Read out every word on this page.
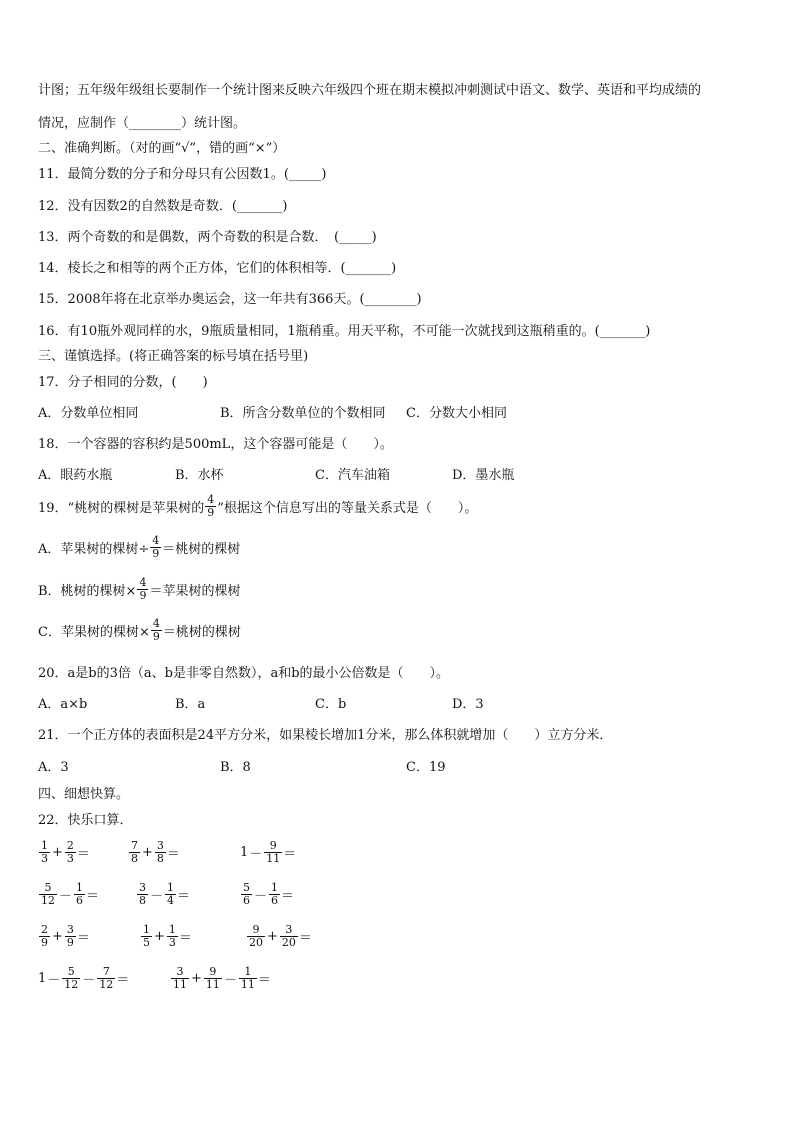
计图；五年级年级组长要制作一个统计图来反映六年级四个班在期末模拟冲刺测试中语文、数学、英语和平均成绩的
情况，应制作（________）统计图。
二、准确判断。（对的画“√”，错的画“×”）
11．最简分数的分子和分母只有公因数1。(_____)
12．没有因数2的自然数是奇数．(_______)
13．两个奇数的和是偶数，两个奇数的积是合数．　(_____)
14．棱长之和相等的两个正方体，它们的体积相等．(_______)
15．2008年将在北京举办奥运会，这一年共有366天。(________)
16．有10瓶外观同样的水，9瓶质量相同，1瓶稍重。用天平称，不可能一次就找到这瓶稍重的。(_______)
三、谨慎选择。(将正确答案的标号填在括号里)
17．分子相同的分数，(　　)
A．分数单位相同	B．所含分数单位的个数相同 C．分数大小相同
18．一个容器的容积约是500mL，这个容器可能是（　　）。
A．眼药水瓶	B．水杯	C．汽车油箱	D．墨水瓶
19．“桃树的棵树是苹果树的 $\frac{4}{9}$ ”根据这个信息写出的等量关系式是（　　）。
A．苹果树的棵树÷ $\frac{4}{9}$ ＝桃树的棵树
B．桃树的棵树× $\frac{4}{9}$ ＝苹果树的棵树
C．苹果树的棵树× $\frac{4}{9}$ ＝桃树的棵树
20．a是b的3倍（a、b是非零自然数），a和b的最小公倍数是（　　）。
A．a×b	B．a	C．b	D．3
21．一个正方体的表面积是24平方分米，如果棱长增加1分米，那么体积就增加（　　）立方分米．
A．3	B．8	C．19
四、细想快算。
22．快乐口算．
$\frac{1}{3} + \frac{2}{3}$ ＝	$\frac{7}{8} + \frac{3}{8}$ ＝	$1 - \frac{9}{11}$ ＝
$\frac{5}{12} - \frac{1}{6}$ ＝	$\frac{3}{8} - \frac{1}{4}$ ＝	$\frac{5}{6} - \frac{1}{6}$ ＝
$\frac{2}{9} + \frac{3}{9}$ ＝	$\frac{1}{5} + \frac{1}{3}$ ＝	$\frac{9}{20} + \frac{3}{20}$ ＝
$1 - \frac{5}{12} - \frac{7}{12}$ ＝	$\frac{3}{11} + \frac{9}{11} - \frac{1}{11}$ ＝
